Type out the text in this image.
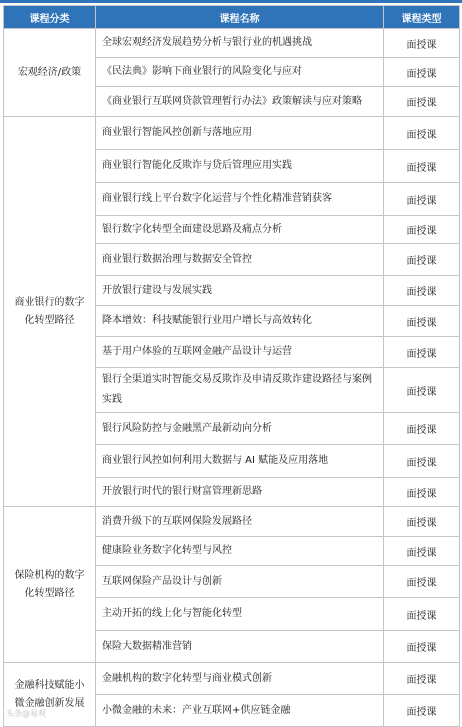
课程分类	课程名称	课程类型
宏观经济/政策	全球宏观经济发展趋势分析与银行业的机遇挑战	面授课
	《民法典》影响下商业银行的风险变化与应对	面授课
	《商业银行互联网贷款管理暂行办法》政策解读与应对策略	面授课
商业银行的数字化转型路径	商业银行智能风控创新与落地应用	面授课
	商业银行智能化反欺诈与贷后管理应用实践	面授课
	商业银行线上平台数字化运营与个性化精准营销获客	面授课
	银行数字化转型全面建设思路及痛点分析	面授课
	商业银行数据治理与数据安全管控	面授课
	开放银行建设与发展实践	面授课
	降本增效：科技赋能银行业用户增长与高效转化	面授课
	基于用户体验的互联网金融产品设计与运营	面授课
	银行全渠道实时智能交易反欺诈及申请反欺诈建设路径与案例实践	面授课
	银行风险防控与金融黑产最新动向分析	面授课
	商业银行风控如何利用大数据与 AI 赋能及应用落地	面授课
	开放银行时代的银行财富管理新思路	面授课
保险机构的数字化转型路径	消费升级下的互联网保险发展路径	面授课
	健康险业务数字化转型与风控	面授课
	互联网保险产品设计与创新	面授课
	主动开拓的线上化与智能化转型	面授课
	保险大数据精准营销	面授课
金融科技赋能小微金融创新发展	金融机构的数字化转型与商业模式创新	面授课
	小微金融的未来：产业互联网+供应链金融	面授课
头条@易观
